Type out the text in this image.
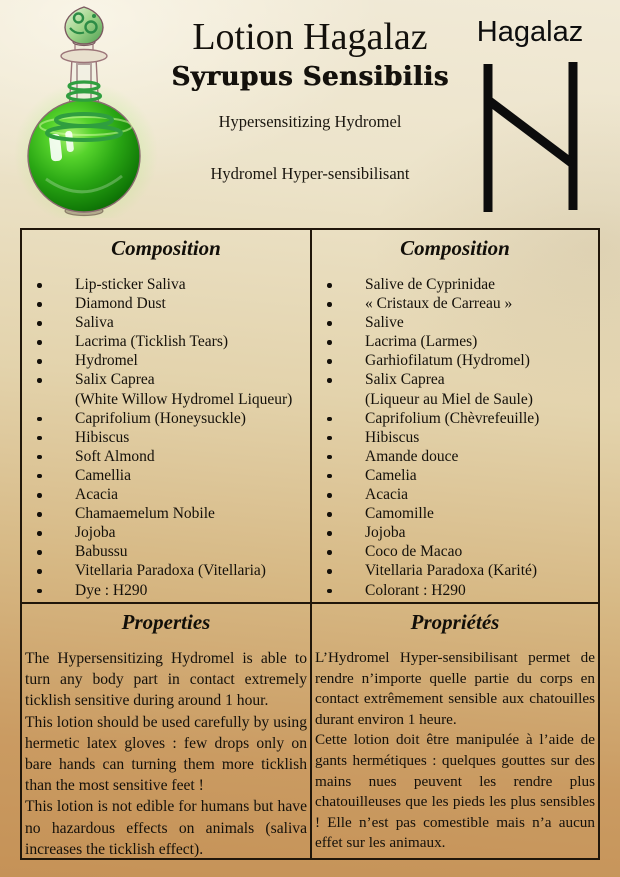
Lotion Hagalaz
Syrupus Sensibilis
Hypersensitizing Hydromel
Hydromel Hyper-sensibilisant
Hagalaz
Composition
Lip-sticker Saliva
Diamond Dust
Saliva
Lacrima (Ticklish Tears)
Hydromel
Salix Caprea
(White Willow Hydromel Liqueur)
Caprifolium (Honeysuckle)
Hibiscus
Soft Almond
Camellia
Acacia
Chamaemelum Nobile
Jojoba
Babussu
Vitellaria Paradoxa (Vitellaria)
Dye : H290
Composition
Salive de Cyprinidae
« Cristaux de Carreau »
Salive
Lacrima (Larmes)
Garhiofilatum (Hydromel)
Salix Caprea
(Liqueur au Miel de Saule)
Caprifolium (Chèvrefeuille)
Hibiscus
Amande douce
Camelia
Acacia
Camomille
Jojoba
Coco de Macao
Vitellaria Paradoxa (Karité)
Colorant : H290
Properties

The Hypersensitizing Hydromel is able to turn any body part in contact extremely ticklish sensitive during around 1 hour.

This lotion should be used carefully by using hermetic latex gloves : few drops only on bare hands can turning them more ticklish than the most sensitive feet !

This lotion is not edible for humans but have no hazardous effects on animals (saliva increases the ticklish effect).

Propriétés

L’Hydromel Hyper-sensibilisant permet de rendre n’importe quelle partie du corps en contact extrêmement sensible aux chatouilles durant environ 1 heure.

Cette lotion doit être manipulée à l’aide de gants hermétiques : quelques gouttes sur des mains nues peuvent les rendre plus chatouilleuses que les pieds les plus sensibles ! Elle n’est pas comestible mais n’a aucun effet sur les animaux.
